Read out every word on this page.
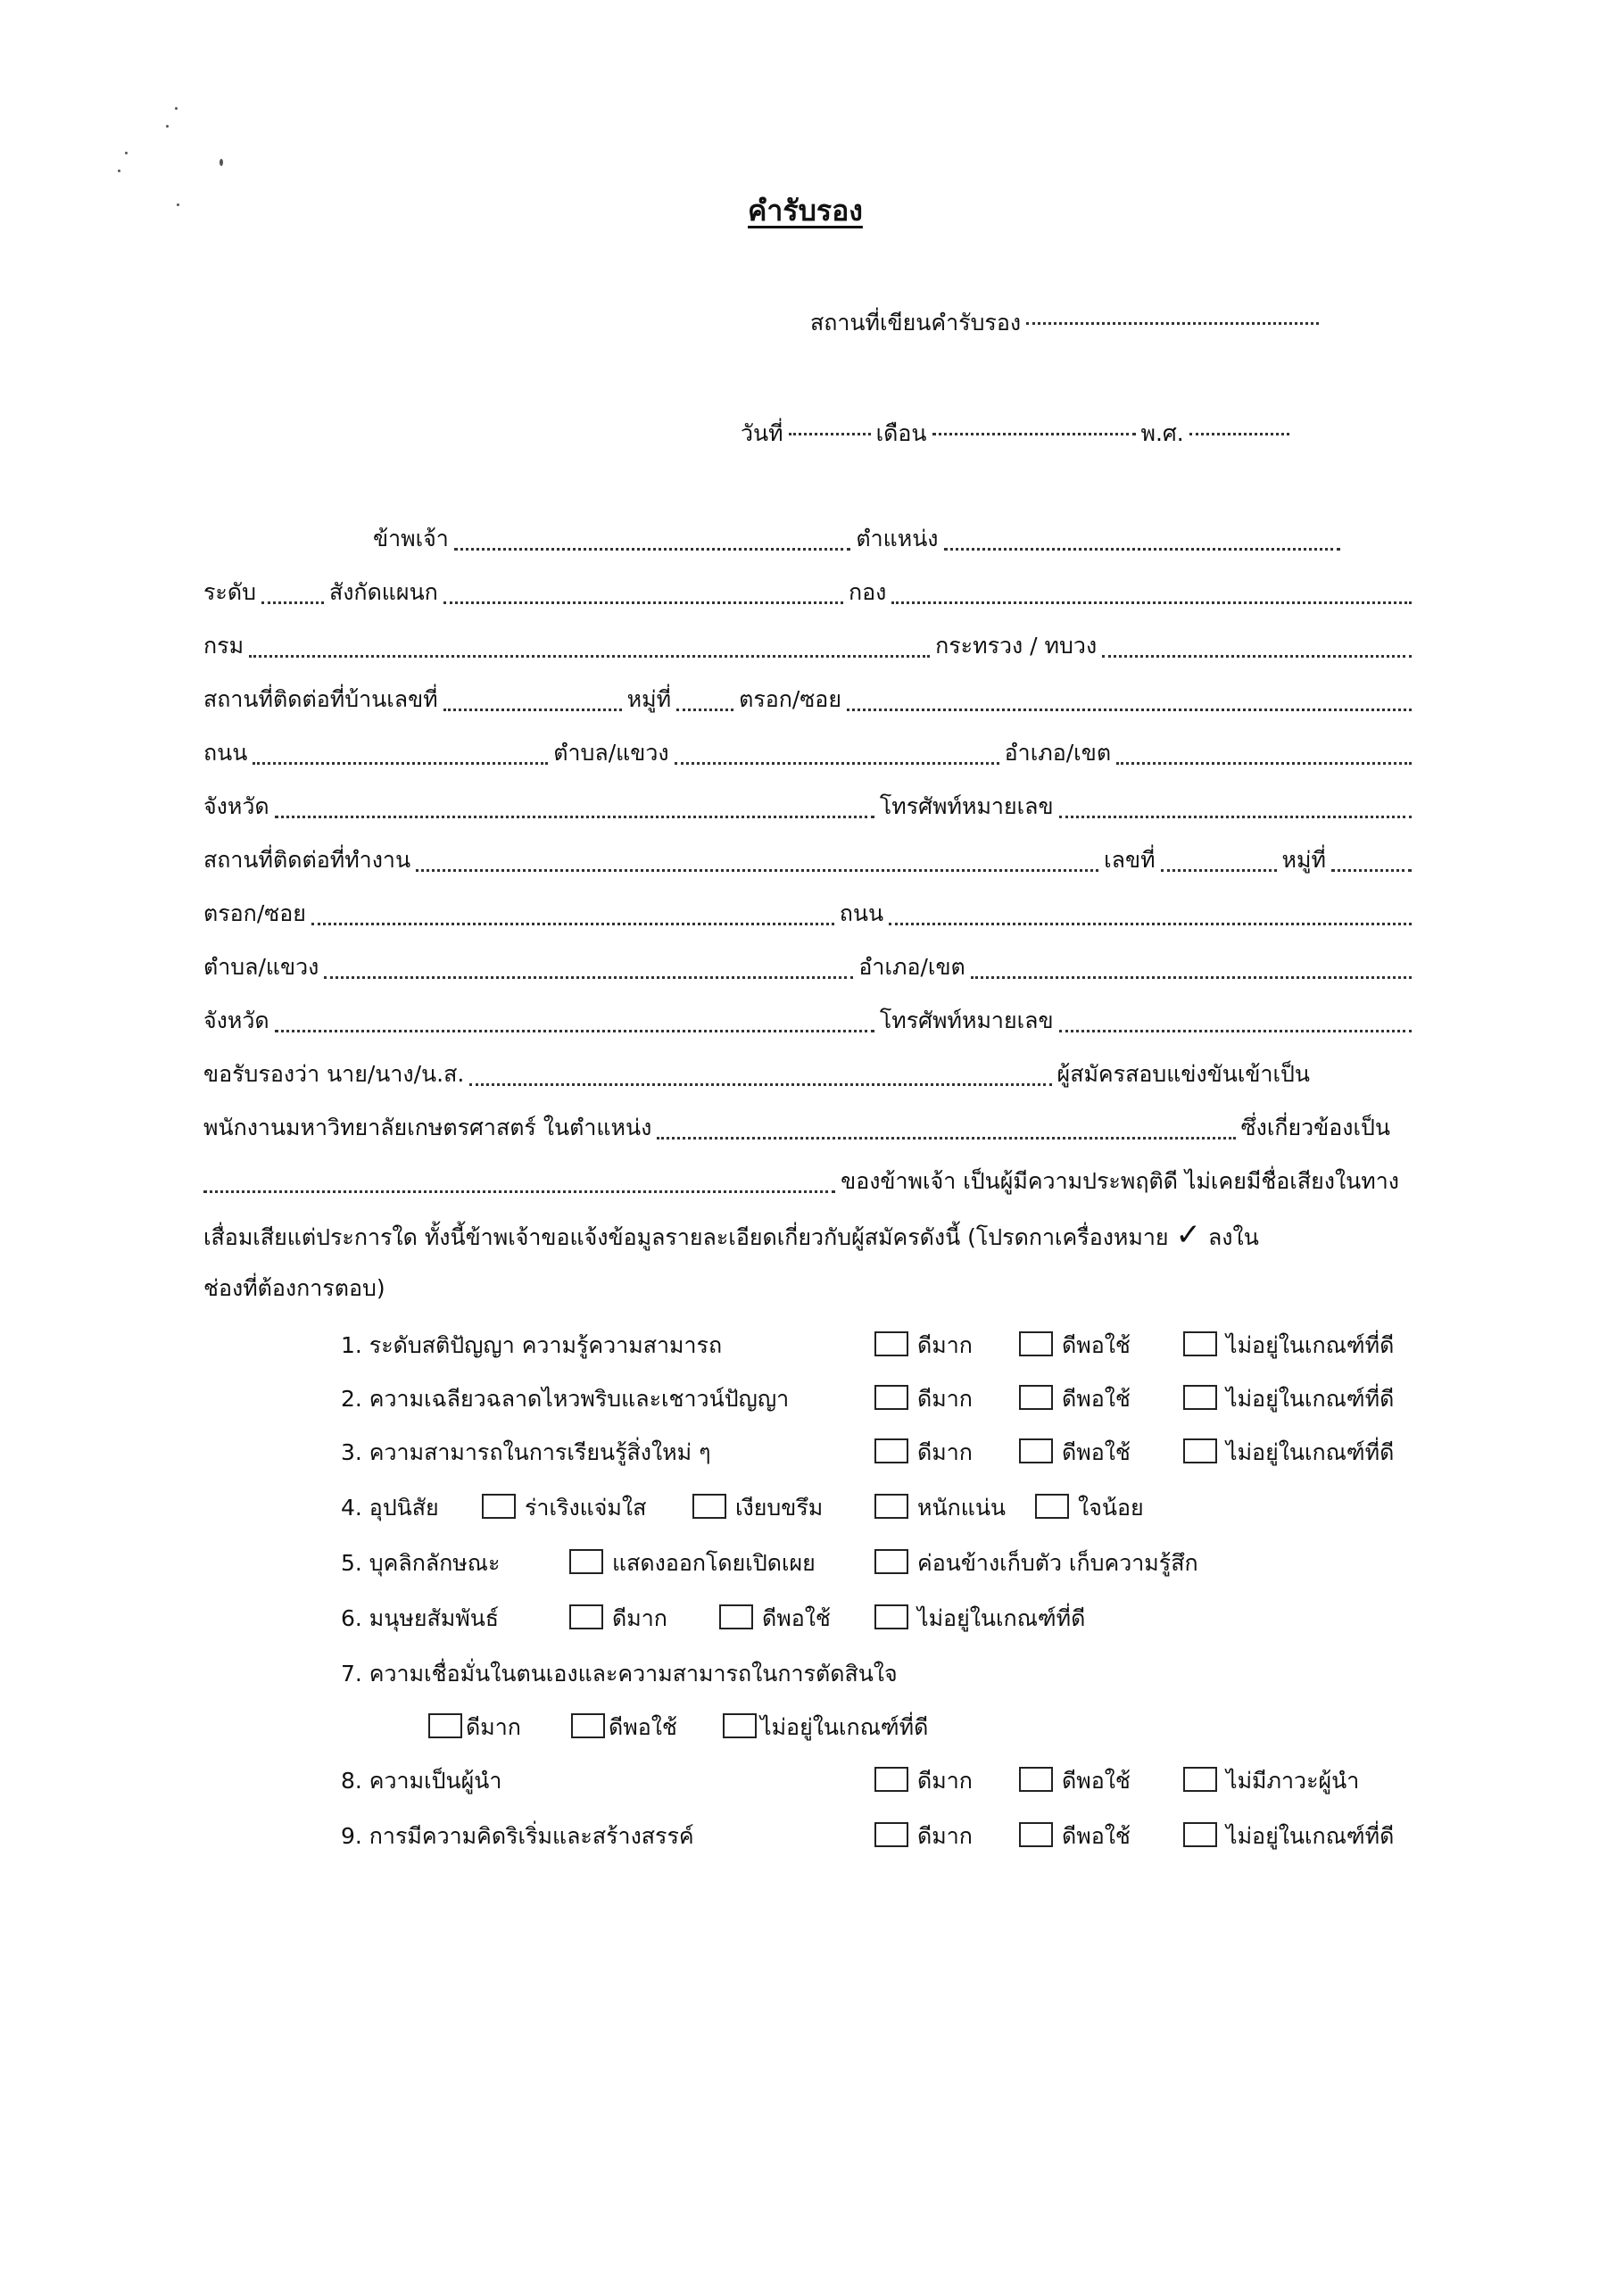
คำรับรอง
สถานที่เขียนคำรับรอง
วันที่	เดือน	พ.ศ.
ข้าพเจ้า	ตำแหน่ง
ระดับ	สังกัดแผนก	กอง
กรม	กระทรวง / ทบวง
สถานที่ติดต่อที่บ้านเลขที่	หมู่ที่	ตรอก/ซอย
ถนน	ตำบล/แขวง	อำเภอ/เขต
จังหวัด	โทรศัพท์หมายเลข
สถานที่ติดต่อที่ทำงาน	เลขที่	หมู่ที่
ตรอก/ซอย	ถนน
ตำบล/แขวง	อำเภอ/เขต
จังหวัด	โทรศัพท์หมายเลข
ขอรับรองว่า นาย/นาง/น.ส.	ผู้สมัครสอบแข่งขันเข้าเป็น
พนักงานมหาวิทยาลัยเกษตรศาสตร์ ในตำแหน่ง	ซึ่งเกี่ยวข้องเป็น
ของข้าพเจ้า เป็นผู้มีความประพฤติดี ไม่เคยมีชื่อเสียงในทาง
เสื่อมเสียแต่ประการใด ทั้งนี้ข้าพเจ้าขอแจ้งข้อมูลรายละเอียดเกี่ยวกับผู้สมัครดังนี้ (โปรดกาเครื่องหมาย ✓ ลงใน
ช่องที่ต้องการตอบ)
1. ระดับสติปัญญา ความรู้ความสามารถ	ดีมาก	ดีพอใช้	ไม่อยู่ในเกณฑ์ที่ดี
2. ความเฉลียวฉลาดไหวพริบและเชาวน์ปัญญา	ดีมาก	ดีพอใช้	ไม่อยู่ในเกณฑ์ที่ดี
3. ความสามารถในการเรียนรู้สิ่งใหม่ ๆ	ดีมาก	ดีพอใช้	ไม่อยู่ในเกณฑ์ที่ดี
4. อุปนิสัย	ร่าเริงแจ่มใส	เงียบขรึม	หนักแน่น	ใจน้อย
5. บุคลิกลักษณะ	แสดงออกโดยเปิดเผย	ค่อนข้างเก็บตัว เก็บความรู้สึก
6. มนุษยสัมพันธ์	ดีมาก	ดีพอใช้	ไม่อยู่ในเกณฑ์ที่ดี
7. ความเชื่อมั่นในตนเองและความสามารถในการตัดสินใจ
ดีมาก	ดีพอใช้	ไม่อยู่ในเกณฑ์ที่ดี
8. ความเป็นผู้นำ	ดีมาก	ดีพอใช้	ไม่มีภาวะผู้นำ
9. การมีความคิดริเริ่มและสร้างสรรค์	ดีมาก	ดีพอใช้	ไม่อยู่ในเกณฑ์ที่ดี
